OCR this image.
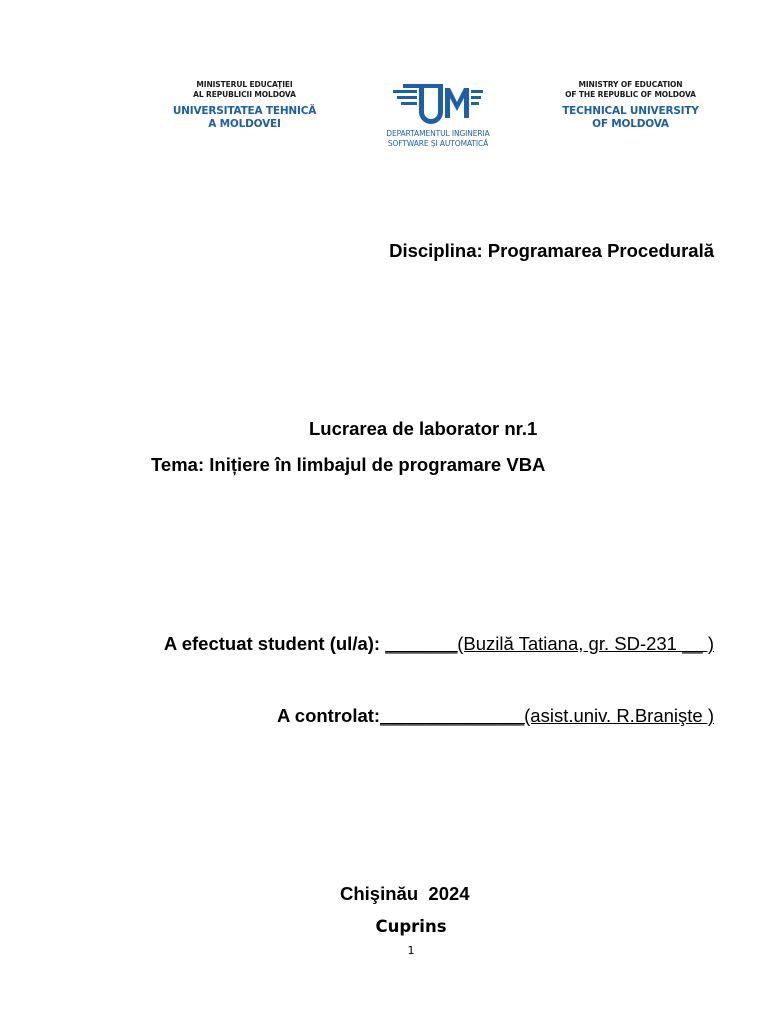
MINISTERUL EDUCAŢIEI
AL REPUBLICII MOLDOVA
UNIVERSITATEA TEHNICĂ
A MOLDOVEI
DEPARTAMENTUL INGINERIA
SOFTWARE ȘI AUTOMATICĂ
MINISTRY OF EDUCATION
OF THE REPUBLIC OF MOLDOVA
TECHNICAL UNIVERSITY
OF MOLDOVA
Disciplina: Programarea Procedurală
Lucrarea de laborator nr.1
Tema: Inițiere în limbajul de programare VBA
A efectuat student (ul/a): _______(Buzilă Tatiana, gr. SD-231 __ )
A controlat:______________(asist.univ. R.Branişte )
Chişinău  2024
Cuprins
1
